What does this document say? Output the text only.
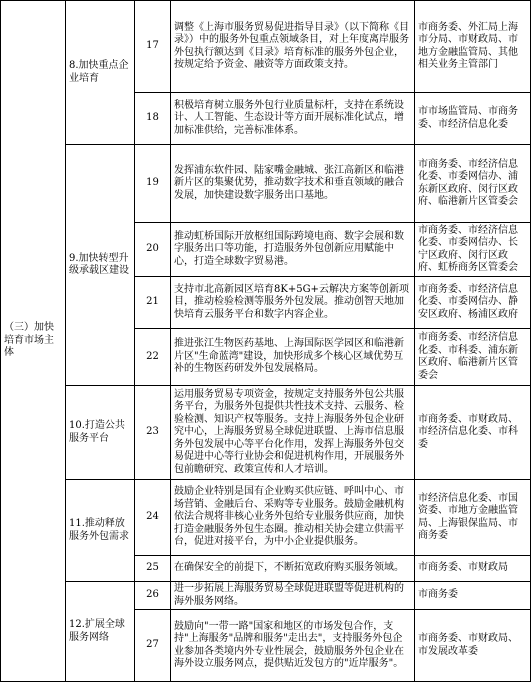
（三）加快培育市场主体	8.加快重点企业培育	17	调整《上海市服务贸易促进指导目录》（以下简称《目录》）中的服务外包重点领域条目，对上年度离岸服务外包执行额达到《目录》培育标准的服务外包企业，按规定给予资金、融资等方面政策支持。	市商务委、外汇局上海市分局、市财政局、市地方金融监管局、其他相关业务主管部门
		18	积极培育树立服务外包行业质量标杆，支持在系统设计、人工智能、生态设计等方面开展标准化试点，增加标准供给，完善标准体系。	市市场监管局、市商务委、市经济信息化委
	9.加快转型升级承载区建设	19	发挥浦东软件园、陆家嘴金融城、张江高新区和临港新片区的集聚优势，推动数字技术和垂直领域的融合发展，加快建设数字服务出口基地。	市商务委、市经济信息化委、市委网信办、浦东新区政府、闵行区政府、临港新片区管委会
		20	推动虹桥国际开放枢纽国际跨境电商、数字会展和数字服务出口等功能，打造服务外包创新应用赋能中心，打造全球数字贸易港。	市商务委、市经济信息化委、市委网信办、长宁区政府、闵行区政府、虹桥商务区管委会
		21	支持市北高新园区培育8K+5G+云解决方案等创新项目，推动检验检测等服务外包发展。推动创智天地加快培育云服务平台和数字内容企业。	市商务委、市经济信息化委、市委网信办、静安区政府、杨浦区政府
		22	推进张江生物医药基地、上海国际医学园区和临港新片区"生命蓝湾"建设，加快形成多个核心区域优势互补的生物医药研发外包发展格局。	市商务委、市经济信息化委、市科委、浦东新区政府、临港新片区管委会
	10.打造公共服务平台	23	运用服务贸易专项资金，按规定支持服务外包公共服务平台，为服务外包提供共性技术支持、云服务、检验检测、知识产权等服务。支持上海服务外包企业研究中心，上海服务贸易全球促进联盟、上海市信息服务外包发展中心等平台化作用，发挥上海服务外包交易促进中心等行业协会和促进机构作用，开展服务外包前瞻研究、政策宣传和人才培训。	市商务委、市财政局、市经济信息化委、市科委
	11.推动释放服务外包需求	24	鼓励企业特别是国有企业购买供应链、呼叫中心、市场营销、金融后台、采购等专业服务。鼓励金融机构依法合规将非核心业务外包给专业服务供应商，加快打造金融服务外包生态圈。推动相关协会建立供需平台，促进对接平台，为中小企业提供服务。	市经济信息化委、市国资委、市地方金融监管局、上海银保监局、市商务委
		25	在确保安全的前提下，不断拓宽政府购买服务领域。	市商务委、市财政局
	12.扩展全球服务网络	26	进一步拓展上海服务贸易全球促进联盟等促进机构的海外服务网络。	市商务委
		27	鼓励向"一带一路"国家和地区的市场发包合作，支持"上海服务"品牌和服务"走出去"，支持服务外包企业参加各类境内外专业性展会，鼓励服务外包企业在海外设立服务网点，提供贴近发包方的"近岸服务"。	市商务委、市财政局、市发展改革委
